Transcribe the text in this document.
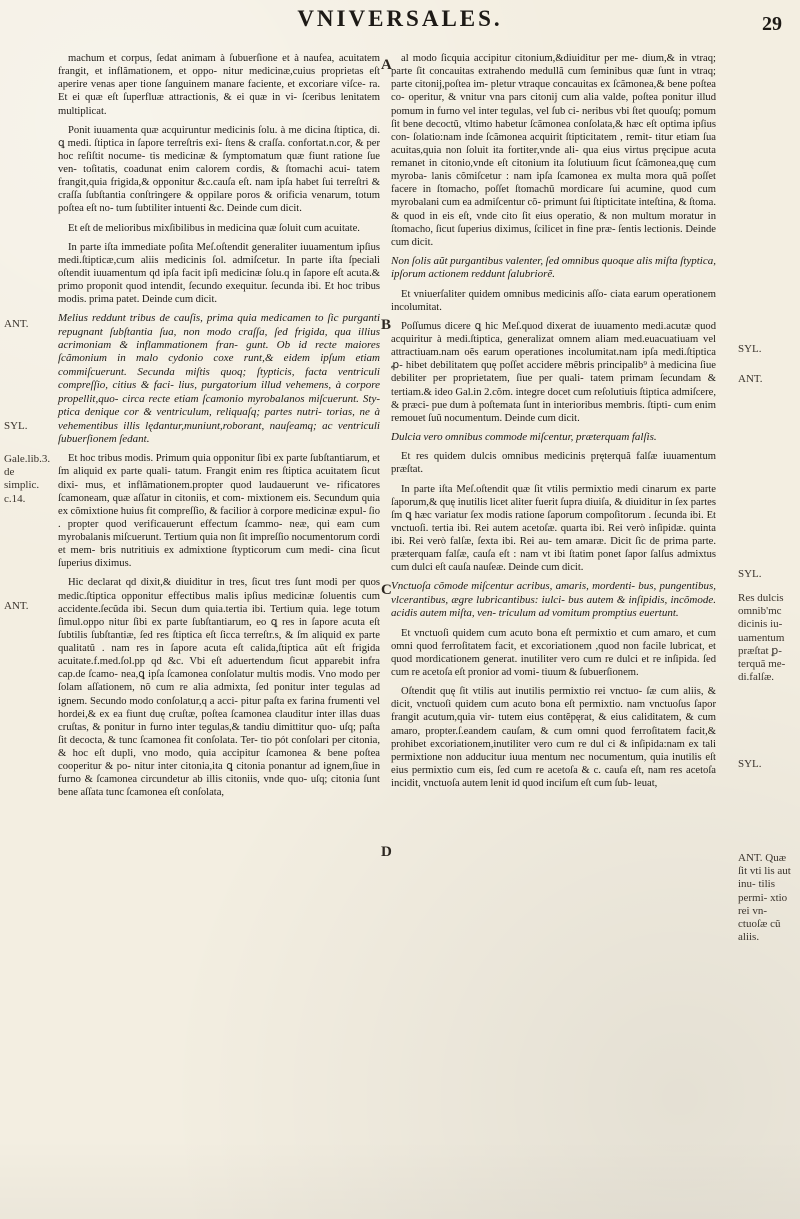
VNIVERSALES.	29
ANT.
SYL.
Gale.lib.3. de simplic. c.14.
ANT.
SYL.
ANT.
Res dulcis omnib'mc dicinis iu- uamentum præſtat ꝑ- terquã me- di.falſæ.
SYL.
SYL.
ANT. Quæ ſit vti lis aut inu- tilis permi- xtio rei vn- ctuoſæ cũ aliis.
A
B
C
D

machum et corpus, ſedat animam à ſubuerſione et à naufea, acuitatem frangit, et inflãmationem, et oppo- nitur medicinæ,cuius proprietas eſt aperire venas aper tione ſanguinem manare faciente, et excoriare viſce- ra. Et ei quæ eſt ſuperfluæ attractionis, & ei quæ in vi- ſceribus lenitatem multiplicat.

Ponit iuuamenta quæ acquiruntur medicinis ſolu. à me dicina ſtiptica, di. ꝗ medi. ſtiptica in ſapore terreſtris exi- ſtens & craſſa. confortat.n.cor, & per hoc reſiſtit nocume- tis medicinæ & ſymptomatum quæ fiunt ratione ſue ven- toſitatis, coadunat enim calorem cordis, & ſtomachi acui- tatem frangit,quia frigida,& opponitur &c.cauſa eſt. nam ipſa habet ſui terreſtri & craſſa ſubſtantia conſtringere & oppilare poros & orificia venarum, totum poſtea eſt no- tum ſubtiliter intuenti &c. Deinde cum dicit.

Et eſt de melioribus mixſibilibus in medicina quæ ſoluit cum acuitate.

In parte iſta immediate poſita Meſ.oſtendit generaliter iuuamentum ipſius medi.ſtipticæ,cum aliis medicinis ſol. admiſcetur. In parte iſta ſpeciali oſtendit iuuamentum qd ipſa facit ipſi medicinæ ſolu.q in ſapore eſt acuta.& primo proponit quod intendit, ſecundo exequitur. ſecunda ibi. Et hoc tribus modis. prima patet. Deinde cum dicit.

Melius reddunt tribus de cauſis, prima quia medicamen to ſic purganti repugnant ſubſtantia ſua, non modo craſſa, ſed frigida, qua illius acrimoniam & inflammationem fran- gunt. Ob id recte maiores ſcãmonium in malo cydonio coxe runt,& eidem ipſum etiam commiſcuerunt. Secunda miſtis quoq; ſtypticis, facta ventriculi compreſſio, citius & faci- lius, purgatorium illud vehemens, à corpore propellit,quo- circa recte etiam ſcamonio myrobalanos miſcuerunt. Sty- ptica denique cor & ventriculum, reliquaſq; partes nutri- torias, ne à vehementibus illis lędantur,muniunt,roborant, nauſeamq; ac ventriculi ſubuerſionem ſedant.

Et hoc tribus modis. Primum quia opponitur ſibi ex parte ſubſtantiarum, et ſm aliquid ex parte quali- tatum. Frangit enim res ſtiptica acuitatem ſicut dixi- mus, et inflãmationem.propter quod laudauerunt ve- rificatores ſcamoneam, quæ aſſatur in citoniis, et com- mixtionem eis. Secundum quia ex cõmixtione huius fit compreſſio, & facilior à corpore medicinæ expul- ſio . propter quod verificauerunt effectum ſcammo- neæ, qui eam cum myrobalanis miſcuerunt. Tertium quia non ſit impreſſio nocumentorum cordi et mem- bris nutritiuis ex admixtione ſtypticorum cum medi- cina ſicut ſuperius diximus.

Hic declarat qd dixit,& diuiditur in tres, ſicut tres ſunt modi per quos medic.ſtiptica opponitur effectibus malis ipſius medicinæ ſoluentis cum accidente.ſecũda ibi. Secun dum quia.tertia ibi. Tertium quia. lege totum ſimul.oppo nitur ſibi ex parte ſubſtantiarum, eo ꝗ res in ſapore acuta eſt ſubtilis ſubſtantiæ, ſed res ſtiptica eſt ſicca terreſtr.s, & ſm aliquid ex parte qualitatũ . nam res in ſapore acuta eſt calida,ſtiptica aũt eſt frigida acuitate.f.med.ſol.pp qd &c. Vbi eſt aduertendum ſicut apparebit infra cap.de ſcamo- nea,ꝗ ipſa ſcamonea conſolatur multis modis. Vno modo per ſolam aſſationem, nõ cum re alia admixta, ſed ponitur inter tegulas ad ignem. Secundo modo conſolatur,q a acci- pitur paſta ex farina frumenti vel hordei,& ex ea fiunt duę cruſtæ, poſtea ſcamonea clauditur inter illas duas cruſtas, & ponitur in furno inter tegulas,& tandiu dimittitur quo- uſq; paſta ſit decocta, & tunc ſcamonea fit conſolata. Ter- tio pót conſolari per citonia, & hoc eſt dupli, vno modo, quia accipitur ſcamonea & bene poſtea cooperitur & po- nitur inter citonia,ita ꝗ citonia ponantur ad ignem,ſiue in furno & ſcamonea circundetur ab illis citoniis, vnde quo- uſq; citonia ſunt bene aſſata tunc ſcamonea eſt conſolata,

al modo ſicquia accipitur citonium,&diuiditur per me- dium,& in vtraq; parte ſit concauitas extrahendo medullã cum ſeminibus quæ ſunt in vtraq; parte citonij,poſtea im- pletur vtraque concauitas ex ſcãmonea,& bene poſtea co- operitur, & vnitur vna pars citonij cum alia valde, poſtea ponitur illud pomum in furno vel inter tegulas, vel ſub ci- neribus vbi ſtet quouſq; pomum ſit bene decoctũ, vltimo habetur ſcãmonea conſolata,& hæc eſt optima ipſius con- ſolatio:nam inde ſcãmonea acquirit ſtipticitatem , remit- titur etiam ſua acuitas,quia non ſoluit ita fortiter,vnde ali- qua eius virtus pręcipue acuta remanet in citonio,vnde eſt citonium ita ſolutiuum ſicut ſcãmonea,quę cum myroba- lanis cõmiſcetur : nam ipſa ſcamonea ex multa mora quã poſſet facere in ſtomacho, poſſet ſtomachũ mordicare ſui acumine, quod cum myrobalani cum ea admiſcentur cõ- primunt ſui ſtipticitate inteſtina, & ſtoma. & quod in eis eſt, vnde cito ſit eius operatio, & non multum moratur in ſtomacho, ſicut ſuperius diximus, ſcilicet in fine præ- ſentis lectionis. Deinde cum dicit.

Non ſolis aũt purgantibus valenter, ſed omnibus quoque alis miſta ſtyptica, ipſorum actionem reddunt ſalubriorẽ.

Et vniuerſaliter quidem omnibus medicinis aſſo- ciata earum operationem incolumitat.

Poſſumus dicere ꝗ hic Meſ.quod dixerat de iuuamento medi.acutæ quod acquiritur à medi.ſtiptica, generalizat omnem aliam med.euacuatiuam vel attractiuam.nam oẽs earum operationes incolumitat.nam ipſa medi.ſtiptica ꝓ- hibet debilitatem quę poſſet accidere mẽbris principalib⁹ à medicina ſiue debiliter per proprietatem, ſiue per quali- tatem primam ſecundam & tertiam.& ideo Gal.in 2.cõm. integre docet cum reſolutiuis ſtiptica admiſcere, & præci- pue dum à poſtemata ſunt in interioribus membris. ſtipti- cum enim remouet ſuũ nocumentum. Deinde cum dicit.

Dulcia vero omnibus commode miſcentur, præterquam falſis.

Et res quidem dulcis omnibus medicinis pręterquã falſæ iuuamentum præſtat.

In parte iſta Meſ.oſtendit quæ ſit vtilis permixtio medi cinarum ex parte ſaporum,& quę inutilis licet aliter fuerit ſupra diuiſa, & diuiditur in ſex partes ſm ꝗ hæc variatur ſex modis ratione ſaporum compoſitorum . ſecunda ibi. Et vnctuoſi. tertia ibi. Rei autem acetoſæ. quarta ibi. Rei verò inſipidæ. quinta ibi. Rei verò falſæ, ſexta ibi. Rei au- tem amaræ. Dicit ſic de prima parte. præterquam falſæ, cauſa eſt : nam vt ibi ſtatim ponet ſapor ſalſus admixtus cum dulci eſt cauſa nauſeæ. Deinde cum dicit.

Vnctuoſa cõmode miſcentur acribus, amaris, mordenti- bus, pungentibus, vlcerantibus, ægre lubricantibus: iulci- bus autem & inſipidis, incõmode. acidis autem miſta, ven- triculum ad vomitum promptius euertunt.

Et vnctuoſi quidem cum acuto bona eſt permixtio et cum amaro, et cum omni quod ferroſitatem facit, et excoriationem ,quod non facile lubricat, et quod mordicationem generat. inutiliter vero cum re dulci et re inſipida. ſed cum re acetoſa eſt pronior ad vomi- tiuum & ſubuerſionem.

Oſtendit quę ſit vtilis aut inutilis permixtio rei vnctuo- ſæ cum aliis, & dicit, vnctuoſi quidem cum acuto bona eſt permixtio. nam vnctuoſus ſapor frangit acutum,quia vir- tutem eius contẽpęrat, & eius caliditatem, & cum amaro, propter.ſ.eandem cauſam, & cum omni quod ferroſitatem facit,& prohibet excoriationem,inutiliter vero cum re dul ci & inſipida:nam ex tali permixtione non adducitur iuua mentum nec nocumentum, quia inutilis eſt eius permixtio cum eis, ſed cum re acetoſa & c. cauſa eſt, nam res acetoſa incidit, vnctuoſa autem lenit id quod inciſum eſt cum ſub- leuat,
